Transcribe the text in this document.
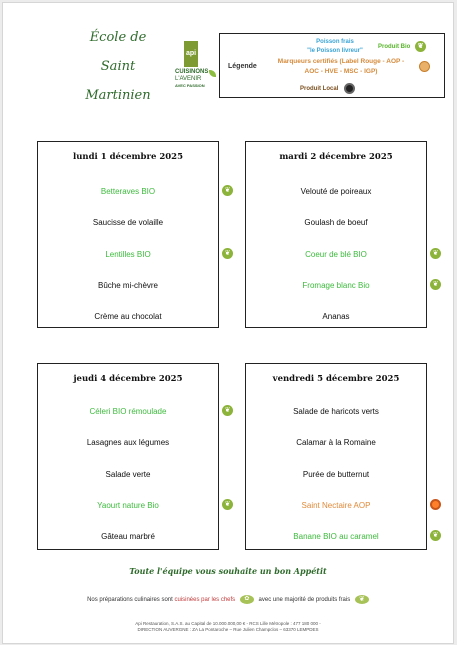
École de
Saint
Martinien
api
CUISINONS
L'AVENIR
AVEC PASSION
Légende
Poisson frais
"le Poisson livreur"
Produit Bio ❦
Marqueurs certifiés (Label Rouge - AOP -
AOC - HVE - MSC - IGP)
Produit Local
lundi 1 décembre 2025
Betteraves BIO	❦
Saucisse de volaille
Lentilles BIO	❦
Bûche mi-chèvre
Crème au chocolat
mardi 2 décembre 2025
Velouté de poireaux
Goulash de boeuf
Coeur de blé BIO	❦
Fromage blanc Bio	❦
Ananas
jeudi 4 décembre 2025
Céleri BIO rémoulade	❦
Lasagnes aux légumes
Salade verte
Yaourt nature Bio	❦
Gâteau marbré
vendredi 5 décembre 2025
Salade de haricots verts
Calamar à la Romaine
Purée de butternut
Saint Nectaire AOP
Banane BIO au caramel	❦
Toute l'équipe vous souhaite un bon Appétit
Nos préparations culinaires sont cuisinées par les chefs ✿ avec une majorité de produits frais ❦
Api Restauration, S.A.S. au Capital de 10.000.000,00 € - RCS Lille Métropole : 477 180 000 -
DIRECTION AUVERGNE : ZA La Pontaroche – Rue Julien Champclos – 63370 LEMPDES
